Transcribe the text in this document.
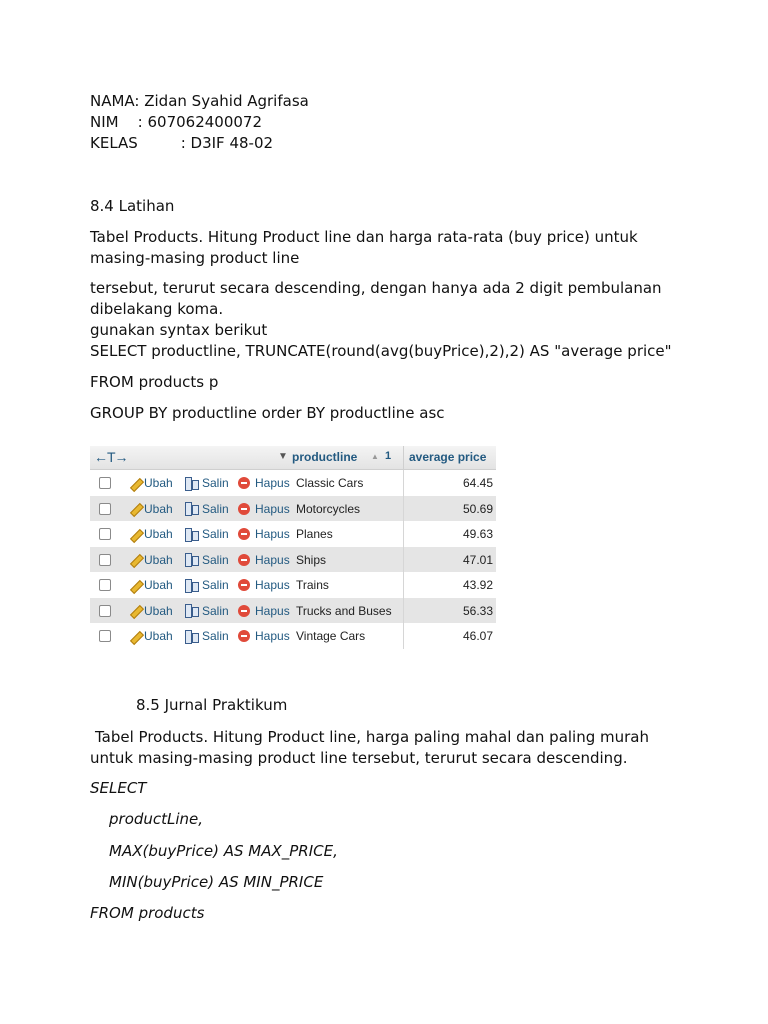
NAMA: Zidan Syahid Agrifasa
NIM    : 607062400072
KELAS         : D3IF 48-02
8.4 Latihan
Tabel Products. Hitung Product line dan harga rata-rata (buy price) untuk masing-masing product line
tersebut, terurut secara descending, dengan hanya ada 2 digit pembulanan dibelakang koma.
gunakan syntax berikut
SELECT productline, TRUNCATE(round(avg(buyPrice),2),2) AS "average price"
FROM products p
GROUP BY productline order BY productline asc
←T→	▼ productline ▲ 1	average price
Ubah Salin Hapus Classic Cars	64.45
Ubah Salin Hapus Motorcycles	50.69
Ubah Salin Hapus Planes	49.63
Ubah Salin Hapus Ships	47.01
Ubah Salin Hapus Trains	43.92
Ubah Salin Hapus Trucks and Buses	56.33
Ubah Salin Hapus Vintage Cars	46.07
8.5 Jurnal Praktikum
Tabel Products. Hitung Product line, harga paling mahal dan paling murah untuk masing-masing product line tersebut, terurut secara descending.
SELECT
productLine,
MAX(buyPrice) AS MAX_PRICE,
MIN(buyPrice) AS MIN_PRICE
FROM products
